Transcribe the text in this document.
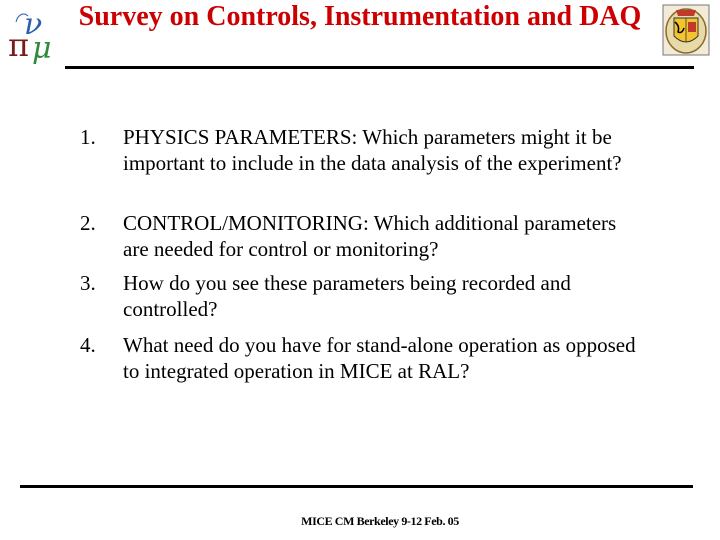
ν
π μ
Survey on Controls, Instrumentation and DAQ
1.	PHYSICS PARAMETERS: Which parameters might it be important to include in the data analysis of the experiment?
2.	CONTROL/MONITORING: Which additional parameters are needed for control or monitoring?
3.	How do you see these parameters being recorded and controlled?
4.	What need do you have for stand-alone operation as opposed to integrated operation in MICE at RAL?
MICE CM Berkeley 9-12 Feb. 05
